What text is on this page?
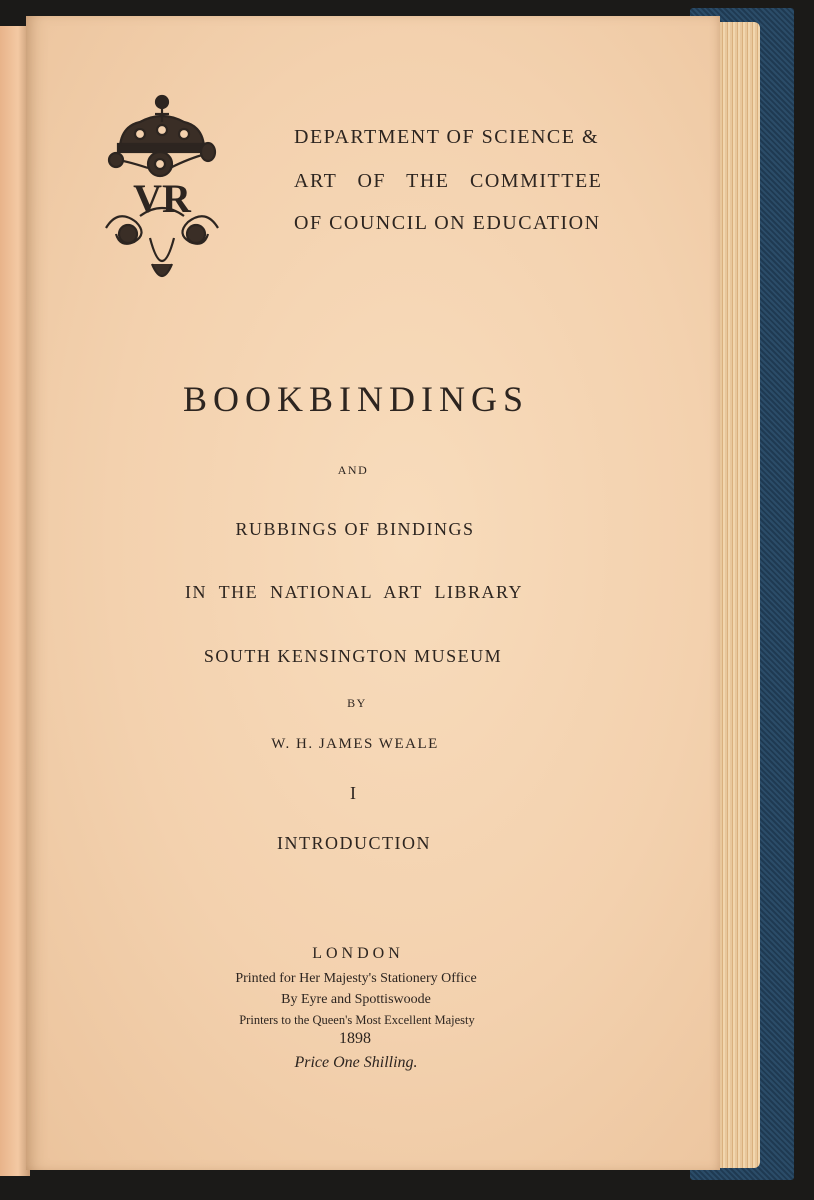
VR
DEPARTMENT OF SCIENCE &
ART OF THE COMMITTEE
OF COUNCIL ON EDUCATION
BOOKBINDINGS
AND
RUBBINGS OF BINDINGS
IN THE NATIONAL ART LIBRARY
SOUTH KENSINGTON MUSEUM
BY
W. H. JAMES WEALE
I
INTRODUCTION
LONDON
Printed for Her Majesty's Stationery Office
By Eyre and Spottiswoode
Printers to the Queen's Most Excellent Majesty
1898
Price One Shilling.
